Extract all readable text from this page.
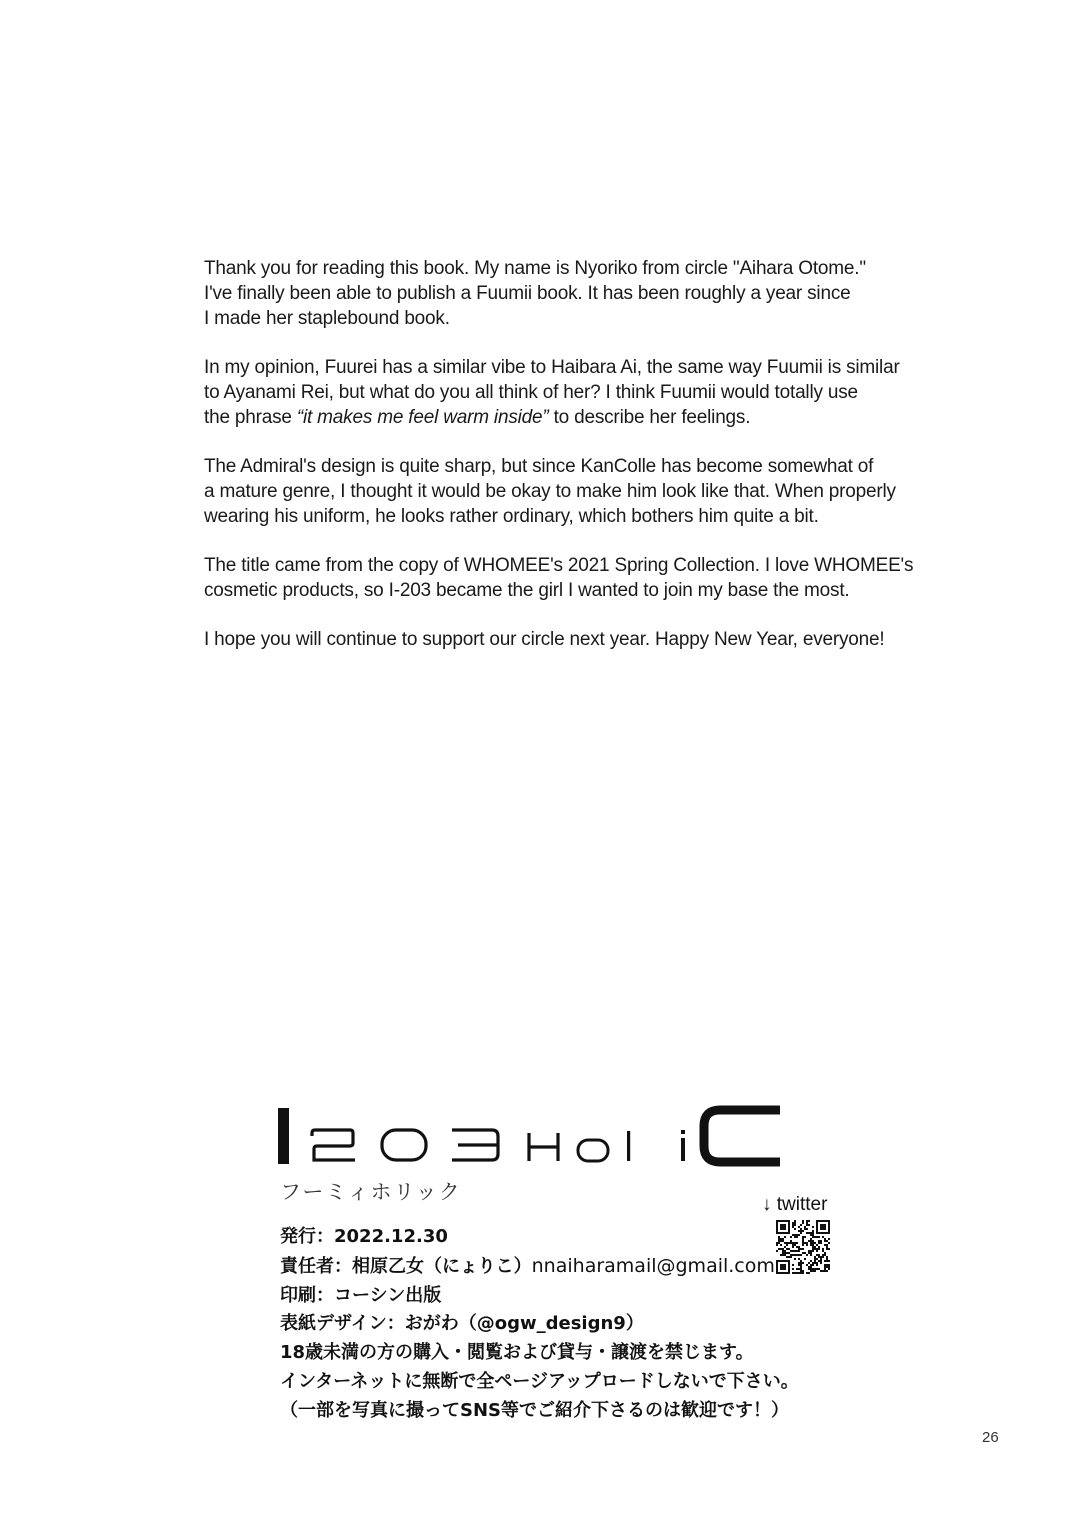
Thank you for reading this book. My name is Nyoriko from circle "Aihara Otome."
I've finally been able to publish a Fuumii book. It has been roughly a year since
I made her staplebound book.

In my opinion, Fuurei has a similar vibe to Haibara Ai, the same way Fuumii is similar
to Ayanami Rei, but what do you all think of her? I think Fuumii would totally use
the phrase “it makes me feel warm inside” to describe her feelings.

The Admiral's design is quite sharp, but since KanColle has become somewhat of
a mature genre, I thought it would be okay to make him look like that. When properly
wearing his uniform, he looks rather ordinary, which bothers him quite a bit.

The title came from the copy of WHOMEE's 2021 Spring Collection. I love WHOMEE's
cosmetic products, so I-203 became the girl I wanted to join my base the most.

I hope you will continue to support our circle next year. Happy New Year, everyone!

フーミィホリック
↓ twitter
発行：2022.12.30
責任者：相原乙女（にょりこ）nnaiharamail@gmail.com
印刷：コーシン出版
表紙デザイン：おがわ（@ogw_design9）
18歳未満の方の購入・閲覧および貸与・譲渡を禁じます。
インターネットに無断で全ページアップロードしないで下さい。
（一部を写真に撮ってSNS等でご紹介下さるのは歓迎です！）
26
